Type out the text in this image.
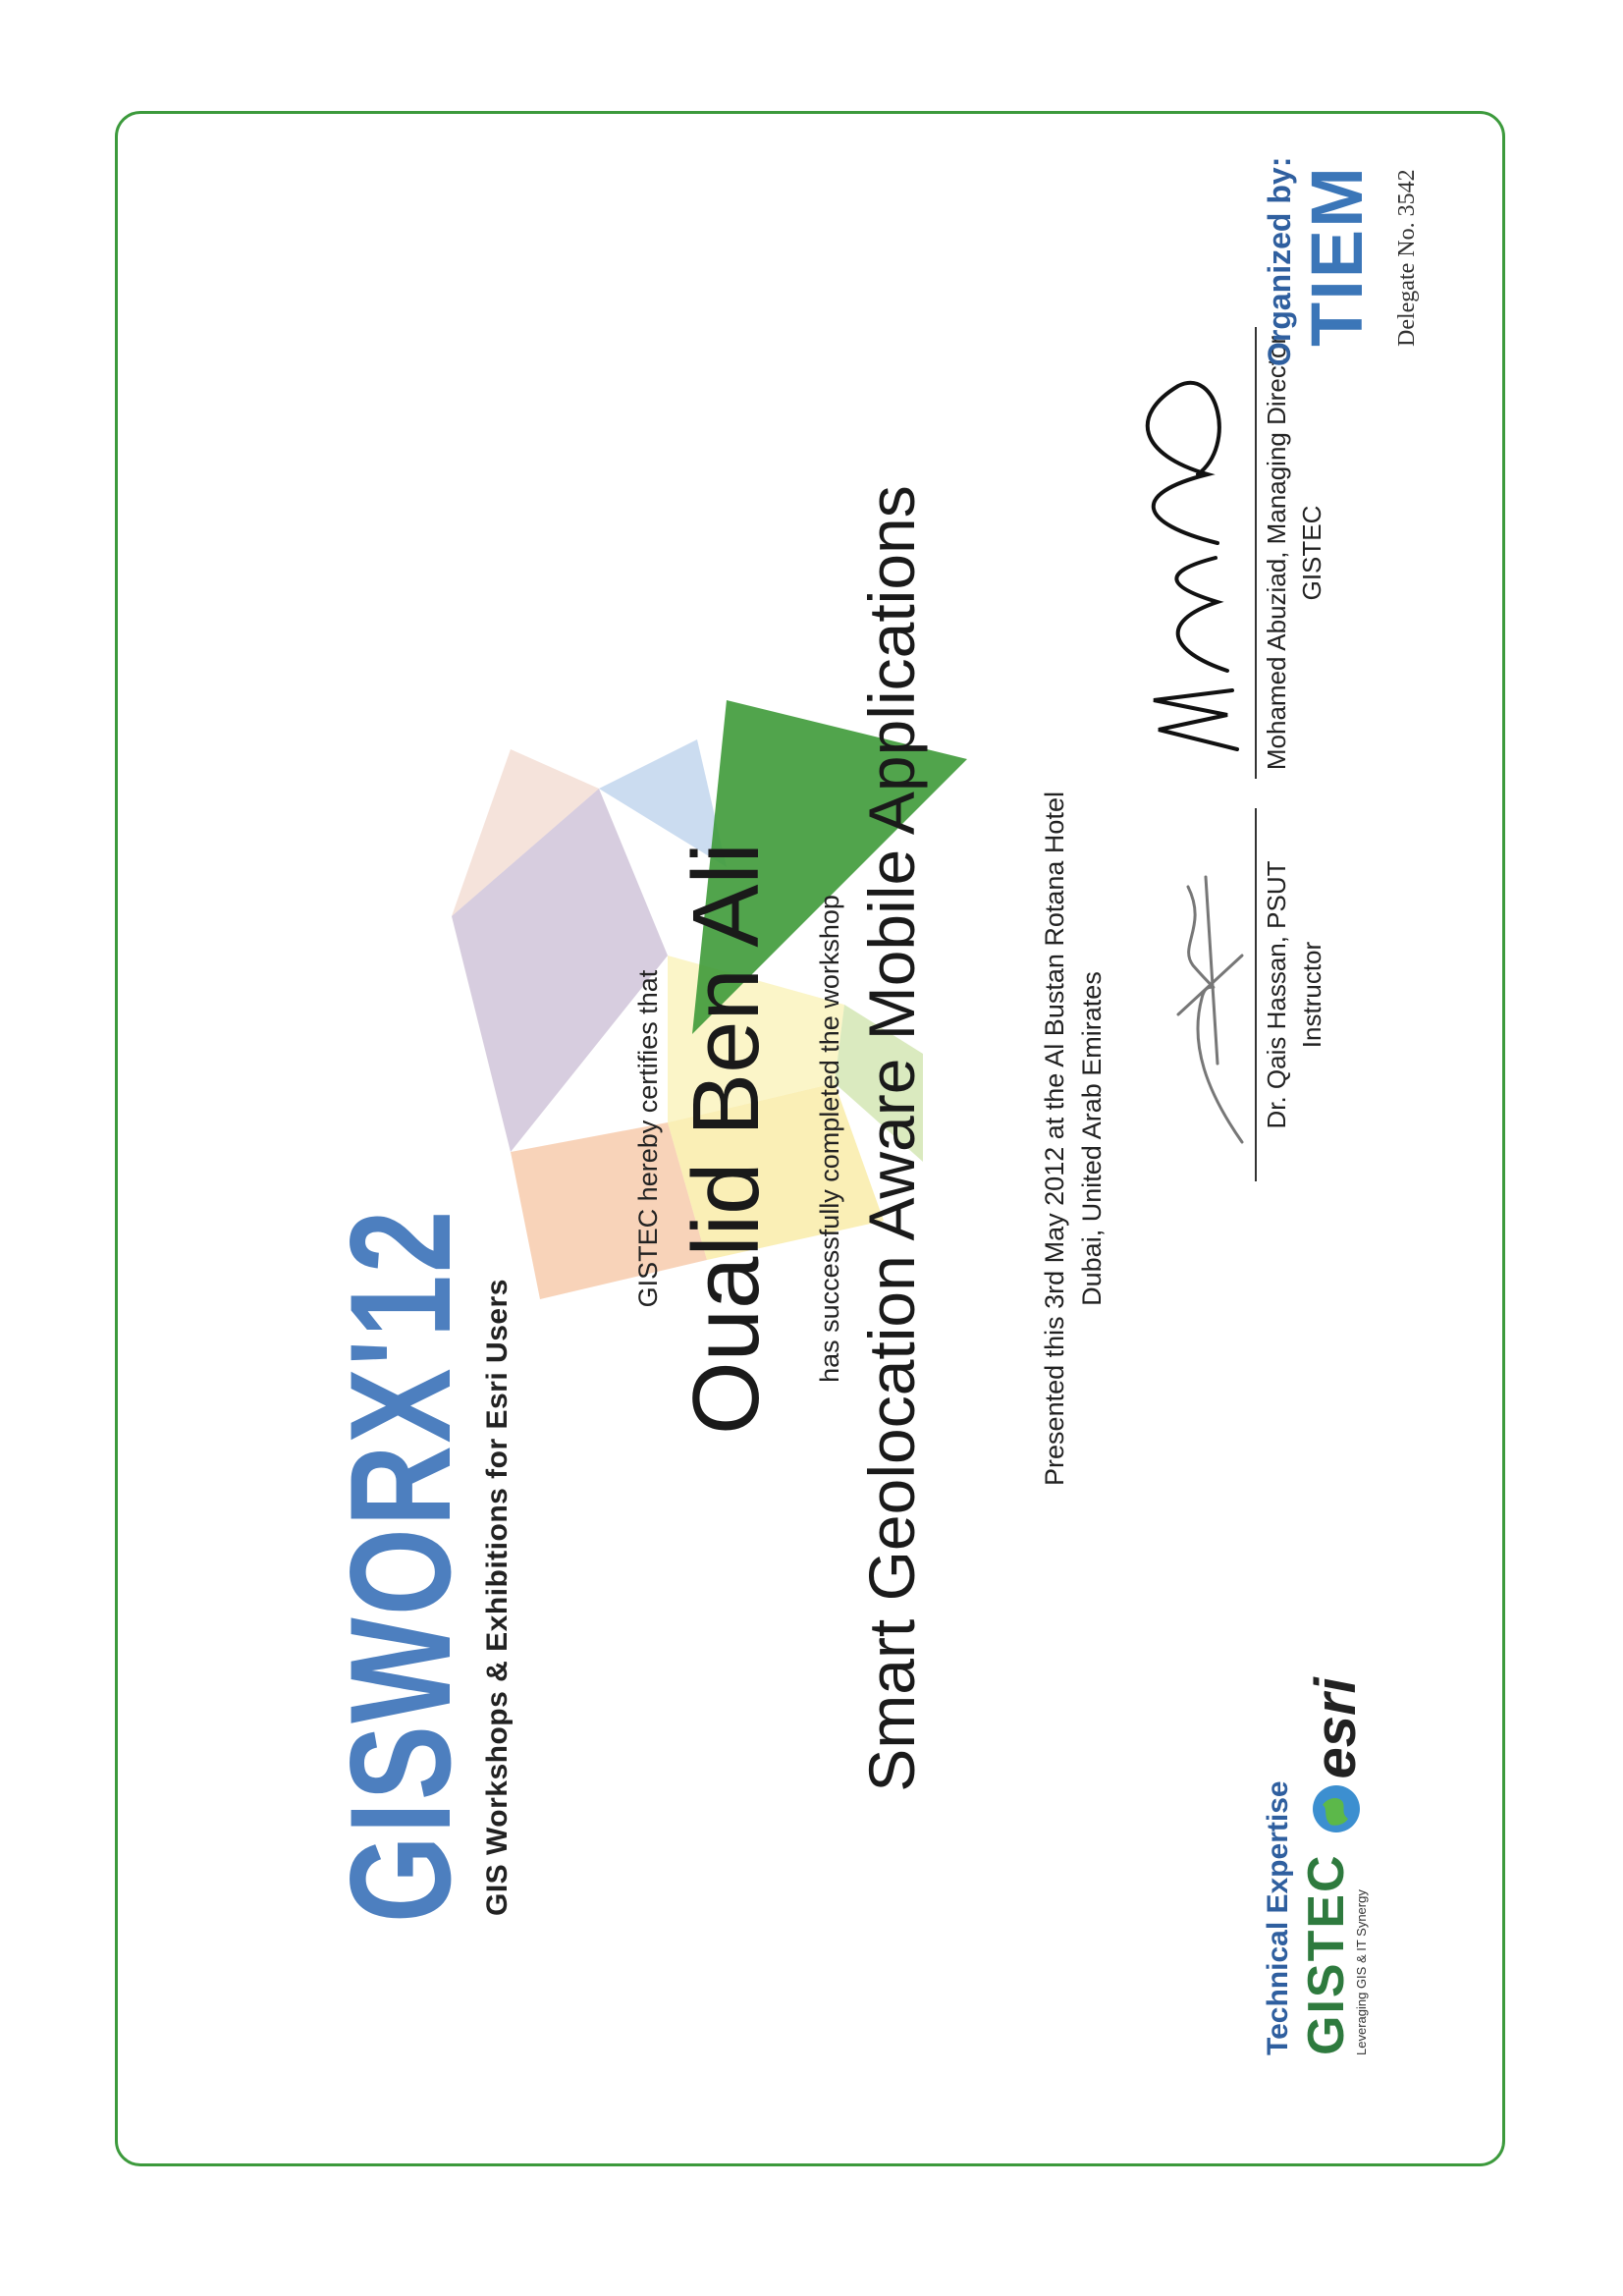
GISWORX'12 GIS Workshops & Exhibitions for Esri Users
GISTEC hereby certifies that Oualid Ben Ali has successfully completed the workshop Smart Geolocation Aware Mobile Applications	Presented this 3rd May 2012 at the Al Bustan Rotana Hotel Dubai, United Arab Emirates	Dr. Qais Hassan, PSUT Instructor
Mohamed Abuziad, Managing Director GISTEC
Technical Expertise GISTEC Leveraging GIS & IT Synergy
esri
Organized by: TIEM Delegate No. 3542
